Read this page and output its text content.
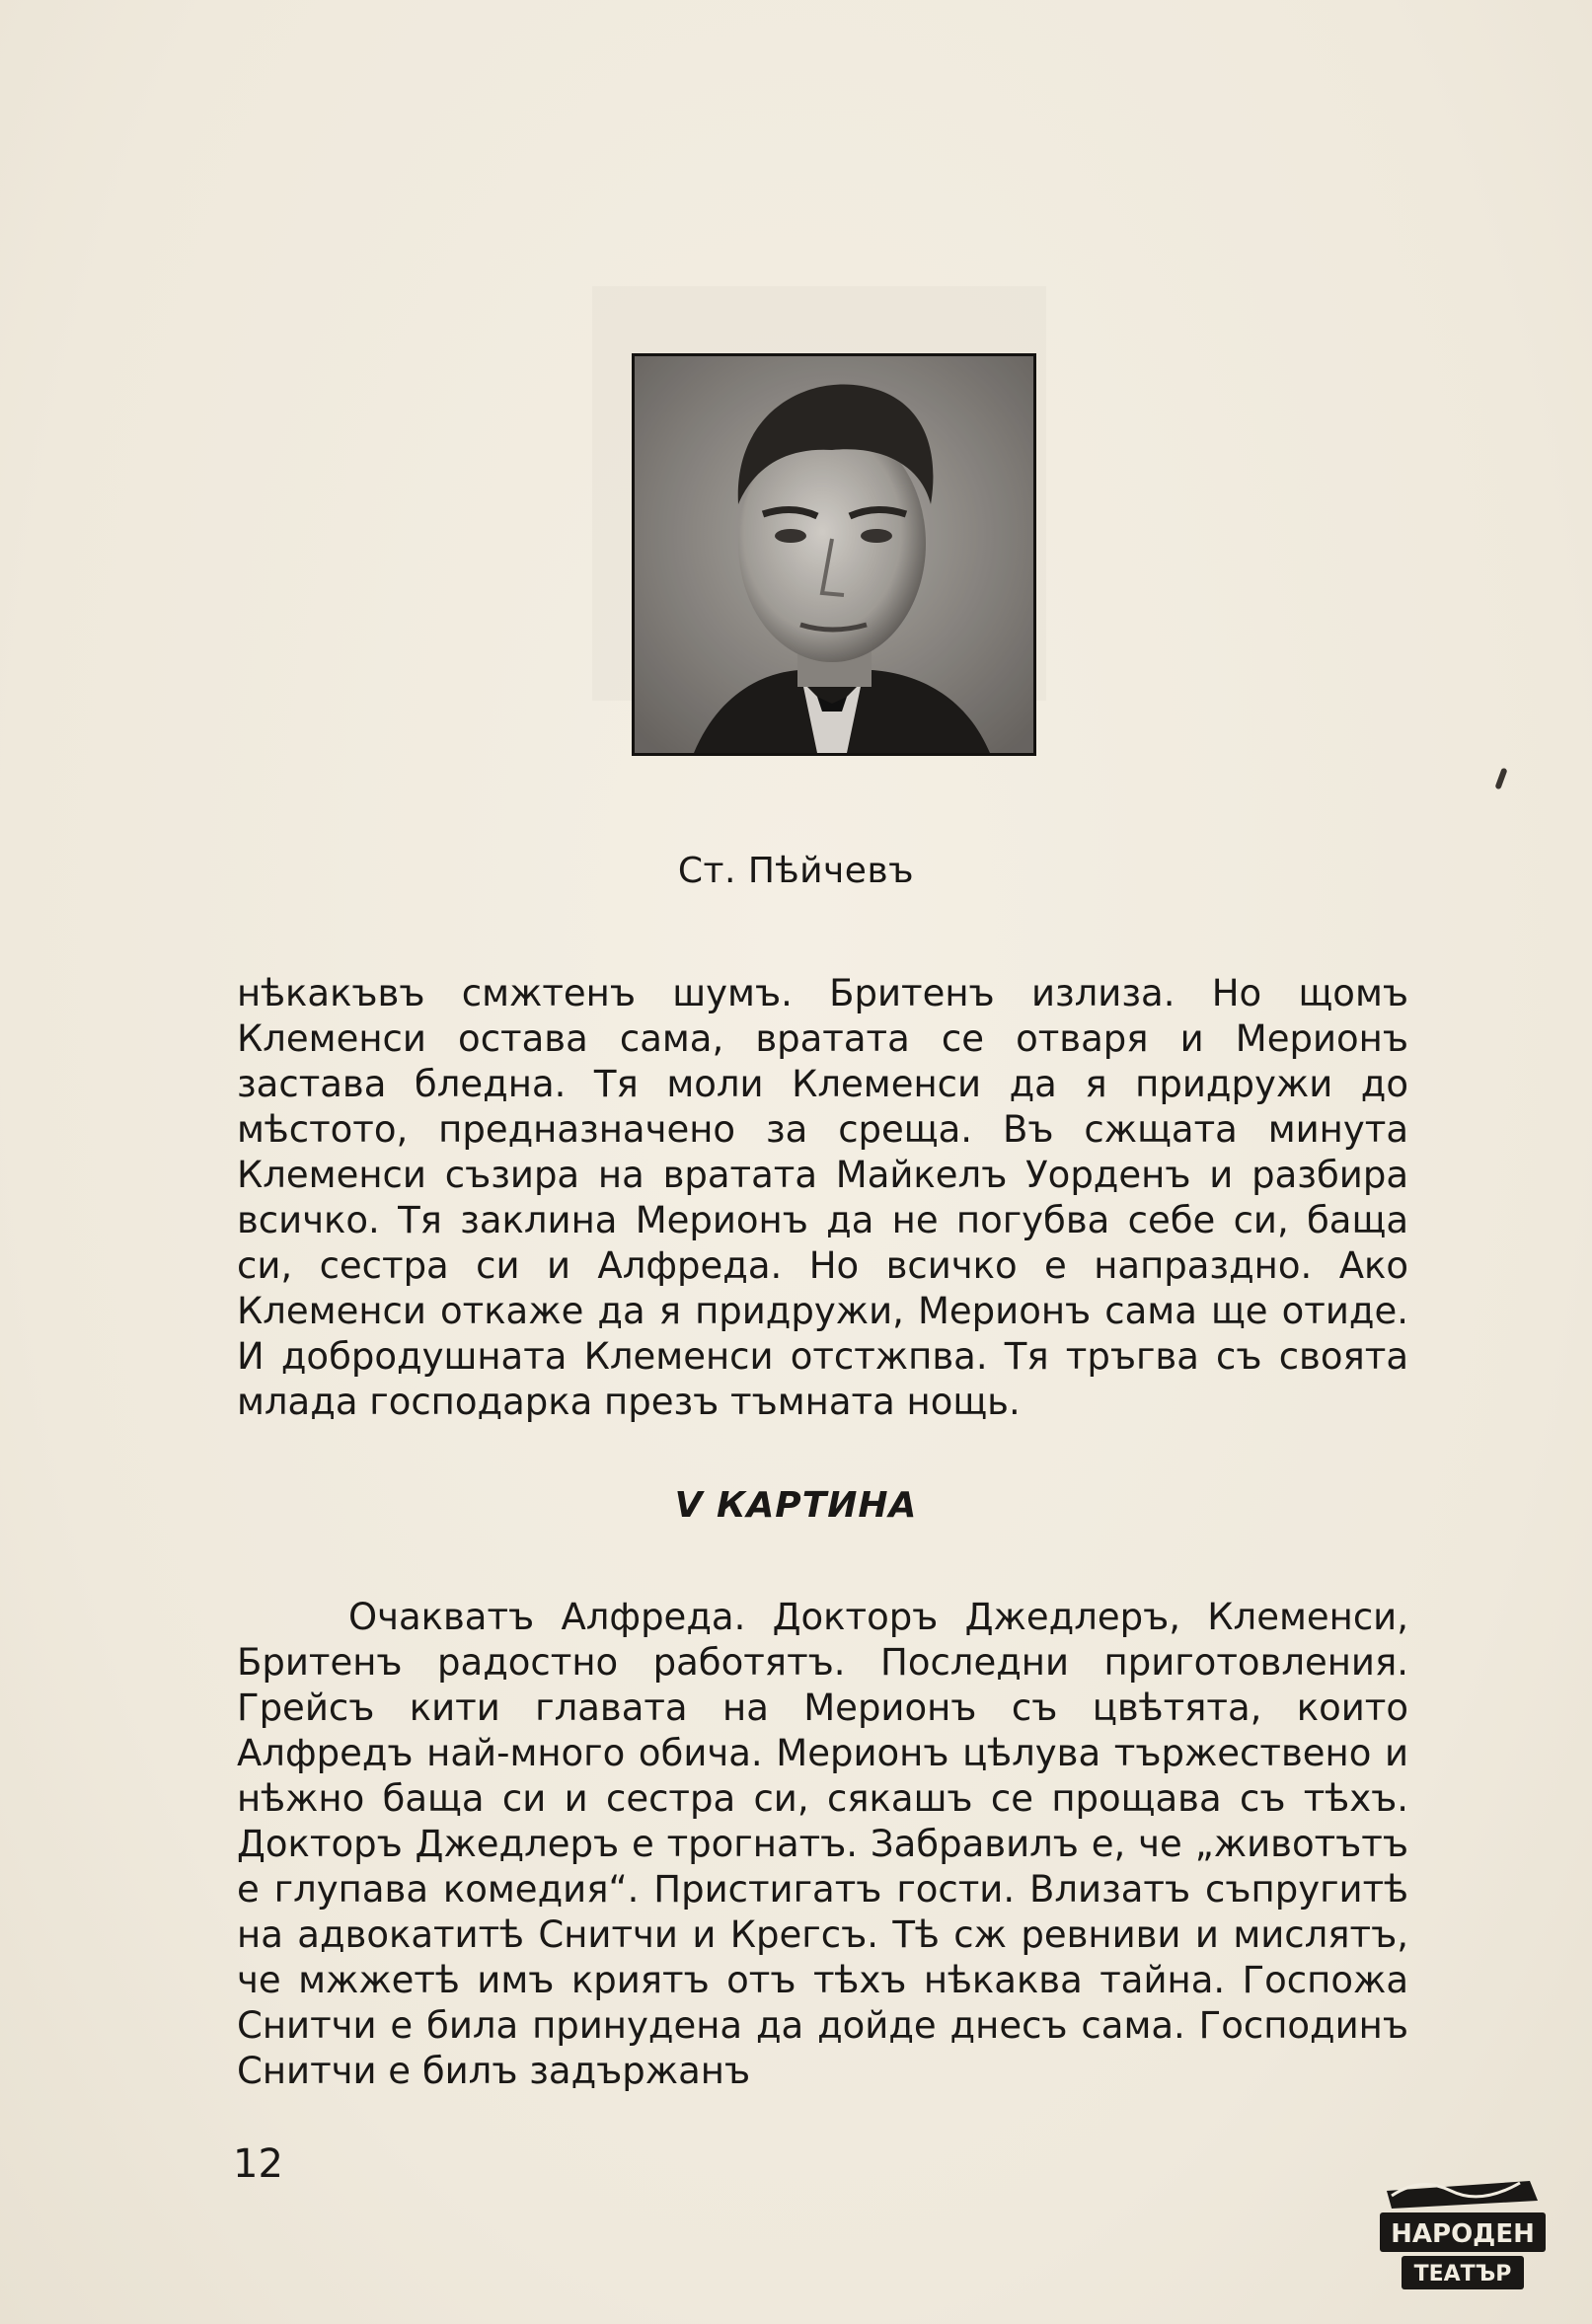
Ст. Пѣйчевъ
нѣкакъвъ смжтенъ шумъ. Бритенъ излиза. Но щомъ Клеменси остава сама, вратата се отваря и Мерионъ застава бледна. Тя моли Клеменси да я придружи до мѣстото, предназначено за среща. Въ сжщата минута Клеменси съзира на вратата Майкелъ Уорденъ и разбира всичко. Тя заклина Мерионъ да не погубва себе си, баща си, сестра си и Алфреда. Но всичко е напраздно. Ако Клеменси откаже да я придружи, Мерионъ сама ще отиде. И добродушната Клеменси отстжпва. Тя тръгва съ своята млада господарка презъ тъмната нощь.
V КАРТИНА
Очакватъ Алфреда. Докторъ Джедлеръ, Клеменси, Бритенъ радостно работятъ. Последни приготовления. Грейсъ кити главата на Мерионъ съ цвѣтята, които Алфредъ най-много обича. Мерионъ цѣлува тържествено и нѣжно баща си и сестра си, сякашъ се прощава съ тѣхъ. Докторъ Джедлеръ е трогнатъ. Забравилъ е, че „животътъ е глупава комедия“. Пристигатъ гости. Влизатъ съпругитѣ на адвокатитѣ Снитчи и Крегсъ. Тѣ сж ревниви и мислятъ, че мжжетѣ имъ криятъ отъ тѣхъ нѣкаква тайна. Госпожа Снитчи е била принудена да дойде днесъ сама. Господинъ Снитчи е билъ задържанъ
12
НАРОДЕН
ТЕАТЪР
